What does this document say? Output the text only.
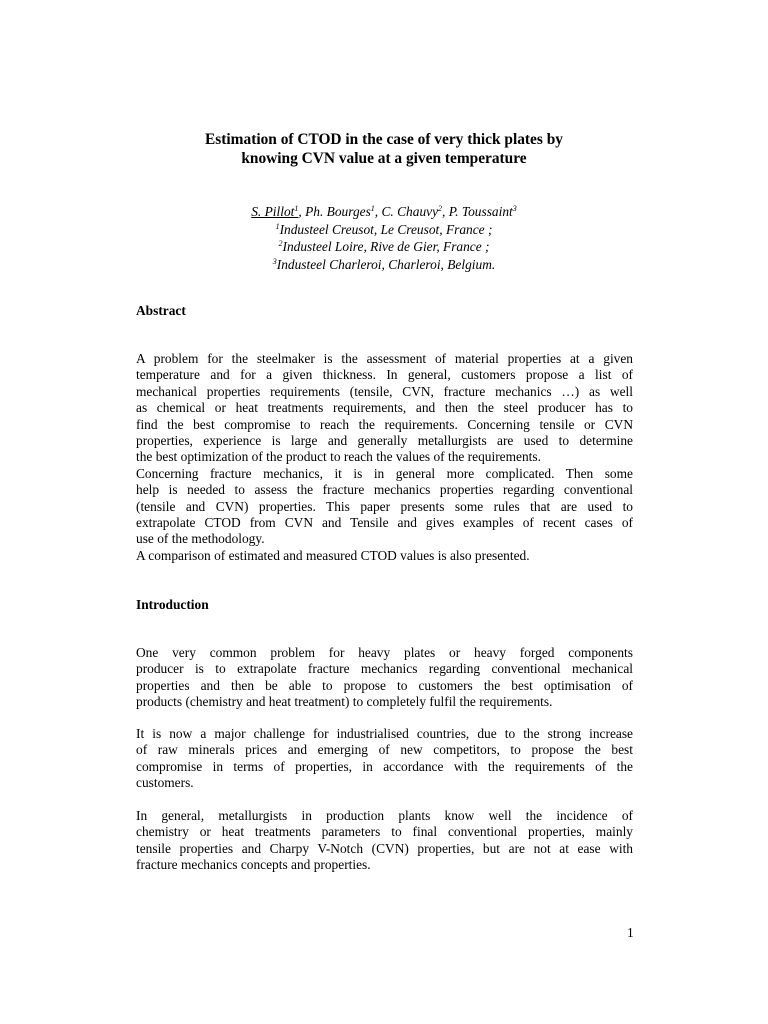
Estimation of CTOD in the case of very thick plates by
knowing CVN value at a given temperature
S. Pillot$^1$, Ph. Bourges$^1$, C. Chauvy$^2$, P. Toussaint$^3$
$^1$Industeel Creusot, Le Creusot, France ;
$^2$Industeel Loire, Rive de Gier, France ;
$^3$Industeel Charleroi, Charleroi, Belgium.
Abstract
A problem for the steelmaker is the assessment of material properties at a given
temperature and for a given thickness. In general, customers propose a list of
mechanical properties requirements (tensile, CVN, fracture mechanics …) as well
as chemical or heat treatments requirements, and then the steel producer has to
find the best compromise to reach the requirements. Concerning tensile or CVN
properties, experience is large and generally metallurgists are used to determine
the best optimization of the product to reach the values of the requirements.
Concerning fracture mechanics, it is in general more complicated. Then some
help is needed to assess the fracture mechanics properties regarding conventional
(tensile and CVN) properties. This paper presents some rules that are used to
extrapolate CTOD from CVN and Tensile and gives examples of recent cases of
use of the methodology.
A comparison of estimated and measured CTOD values is also presented.
Introduction
One very common problem for heavy plates or heavy forged components
producer is to extrapolate fracture mechanics regarding conventional mechanical
properties and then be able to propose to customers the best optimisation of
products (chemistry and heat treatment) to completely fulfil the requirements.
It is now a major challenge for industrialised countries, due to the strong increase
of raw minerals prices and emerging of new competitors, to propose the best
compromise in terms of properties, in accordance with the requirements of the
customers.
In general, metallurgists in production plants know well the incidence of
chemistry or heat treatments parameters to final conventional properties, mainly
tensile properties and Charpy V-Notch (CVN) properties, but are not at ease with
fracture mechanics concepts and properties.
1
